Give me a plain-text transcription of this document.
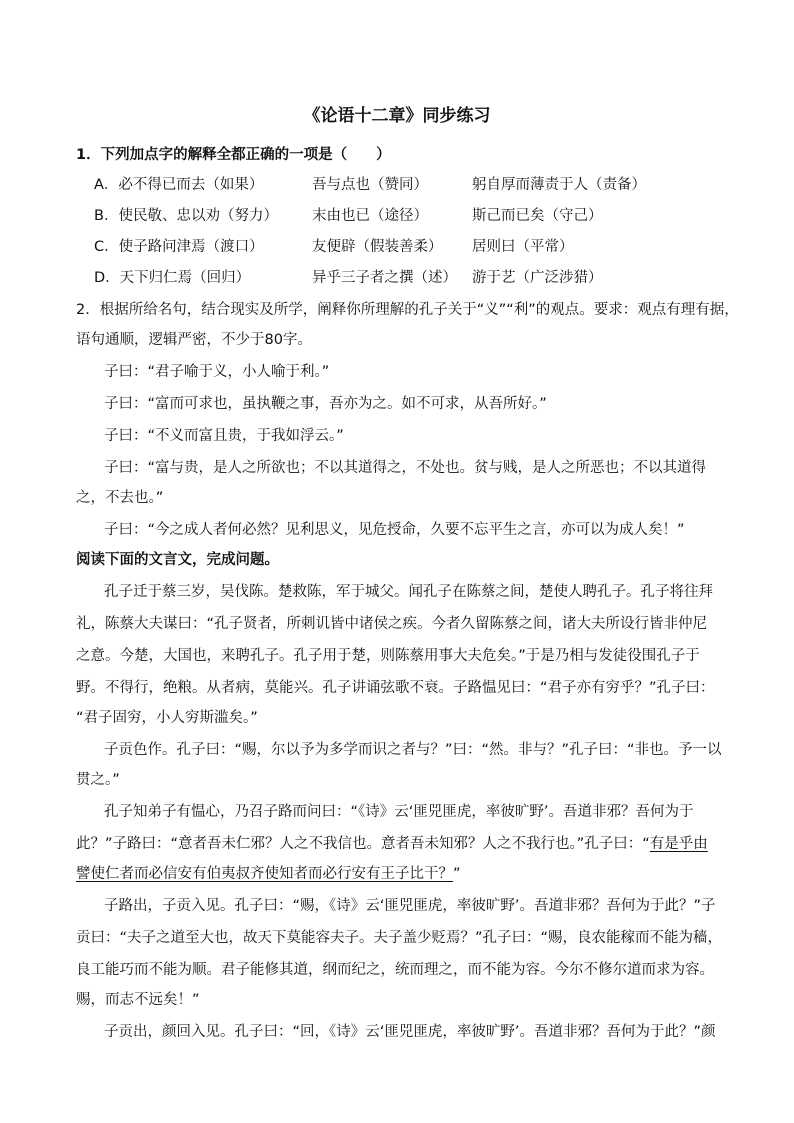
《论语十二章》同步练习
1．下列加点字的解释全都正确的一项是（　　）
A．必不得已而去（如果）	吾与点也（赞同）	躬自厚而薄责于人（责备）
B．使民敬、忠以劝（努力） 末由也已（途径）	斯己而已矣（守己）
C．使子路问津焉（渡口）	友便辟（假装善柔） 居则曰（平常）
D．天下归仁焉（回归）	异乎三子者之撰（述） 游于艺（广泛涉猎）
2．根据所给名句，结合现实及所学，阐释你所理解的孔子关于“义”“利”的观点。要求：观点有理有据，
语句通顺，逻辑严密，不少于80字。
子曰：“君子喻于义，小人喻于利。”
子曰：“富而可求也，虽执鞭之事，吾亦为之。如不可求，从吾所好。”
子曰：“不义而富且贵，于我如浮云。”
子曰：“富与贵，是人之所欲也；不以其道得之，不处也。贫与贱，是人之所恶也；不以其道得
之，不去也。”
子曰：“今之成人者何必然？见利思义，见危授命，久要不忘平生之言，亦可以为成人矣！”
阅读下面的文言文，完成问题。
孔子迁于蔡三岁，吴伐陈。楚救陈，军于城父。闻孔子在陈蔡之间，楚使人聘孔子。孔子将往拜
礼，陈蔡大夫谋曰：“孔子贤者，所刺讥皆中诸侯之疾。今者久留陈蔡之间，诸大夫所设行皆非仲尼
之意。今楚，大国也，来聘孔子。孔子用于楚，则陈蔡用事大夫危矣。”于是乃相与发徒役围孔子于
野。不得行，绝粮。从者病，莫能兴。孔子讲诵弦歌不衰。子路愠见曰：“君子亦有穷乎？”孔子曰：
“君子固穷，小人穷斯滥矣。”
子贡色作。孔子曰：“赐，尔以予为多学而识之者与？”曰：“然。非与？”孔子曰：“非也。予一以
贯之。”
孔子知弟子有愠心，乃召子路而问曰：“《诗》云‘匪兕匪虎，率彼旷野’。吾道非邪？吾何为于
此？”子路曰：“意者吾未仁邪？人之不我信也。意者吾未知邪？人之不我行也。”孔子曰：“有是乎由
譬使仁者而必信安有伯夷叔齐使知者而必行安有王子比干？”
子路出，子贡入见。孔子曰：“赐，《诗》云‘匪兕匪虎，率彼旷野’。吾道非邪？吾何为于此？”子
贡曰：“夫子之道至大也，故天下莫能容夫子。夫子盖少贬焉？”孔子曰：“赐，良农能稼而不能为穑，
良工能巧而不能为顺。君子能修其道，纲而纪之，统而理之，而不能为容。今尔不修尔道而求为容。
赐，而志不远矣！”
子贡出，颜回入见。孔子曰：“回，《诗》云‘匪兕匪虎，率彼旷野’。吾道非邪？吾何为于此？”颜
